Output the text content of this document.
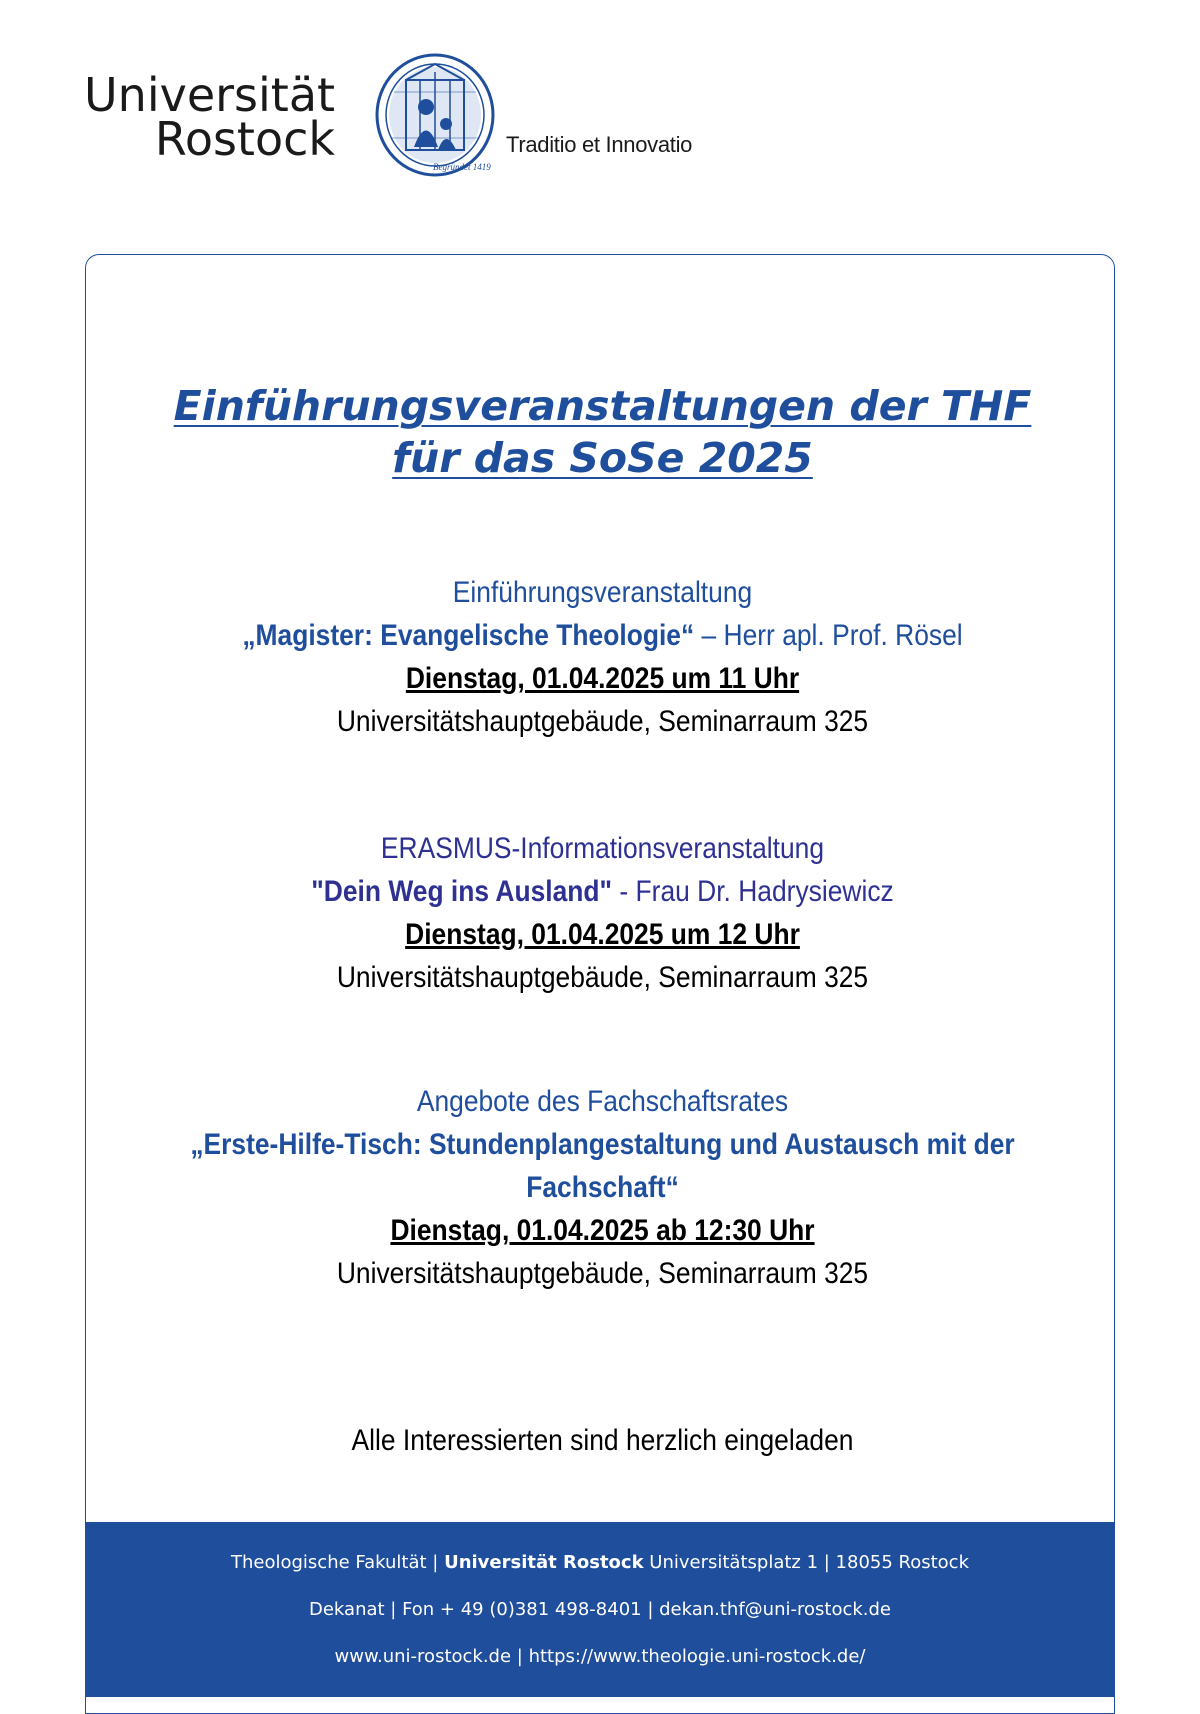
Universität
Rostock
Begründet 1419
Traditio et Innovatio
Einführungsveranstaltungen der THF
für das SoSe 2025
Einführungsveranstaltung
„Magister: Evangelische Theologie“ – Herr apl. Prof. Rösel
Dienstag, 01.04.2025 um 11 Uhr
Universitätshauptgebäude, Seminarraum 325
ERASMUS-Informationsveranstaltung
"Dein Weg ins Ausland" - Frau Dr. Hadrysiewicz
Dienstag, 01.04.2025 um 12 Uhr
Universitätshauptgebäude, Seminarraum 325
Angebote des Fachschaftsrates
„Erste-Hilfe-Tisch: Stundenplangestaltung und Austausch mit der
Fachschaft“
Dienstag, 01.04.2025 ab 12:30 Uhr
Universitätshauptgebäude, Seminarraum 325
Alle Interessierten sind herzlich eingeladen
Theologische Fakultät | Universität Rostock Universitätsplatz 1 | 18055 Rostock
Dekanat | Fon + 49 (0)381 498-8401 | dekan.thf@uni-rostock.de
www.uni-rostock.de | https://www.theologie.uni-rostock.de/
